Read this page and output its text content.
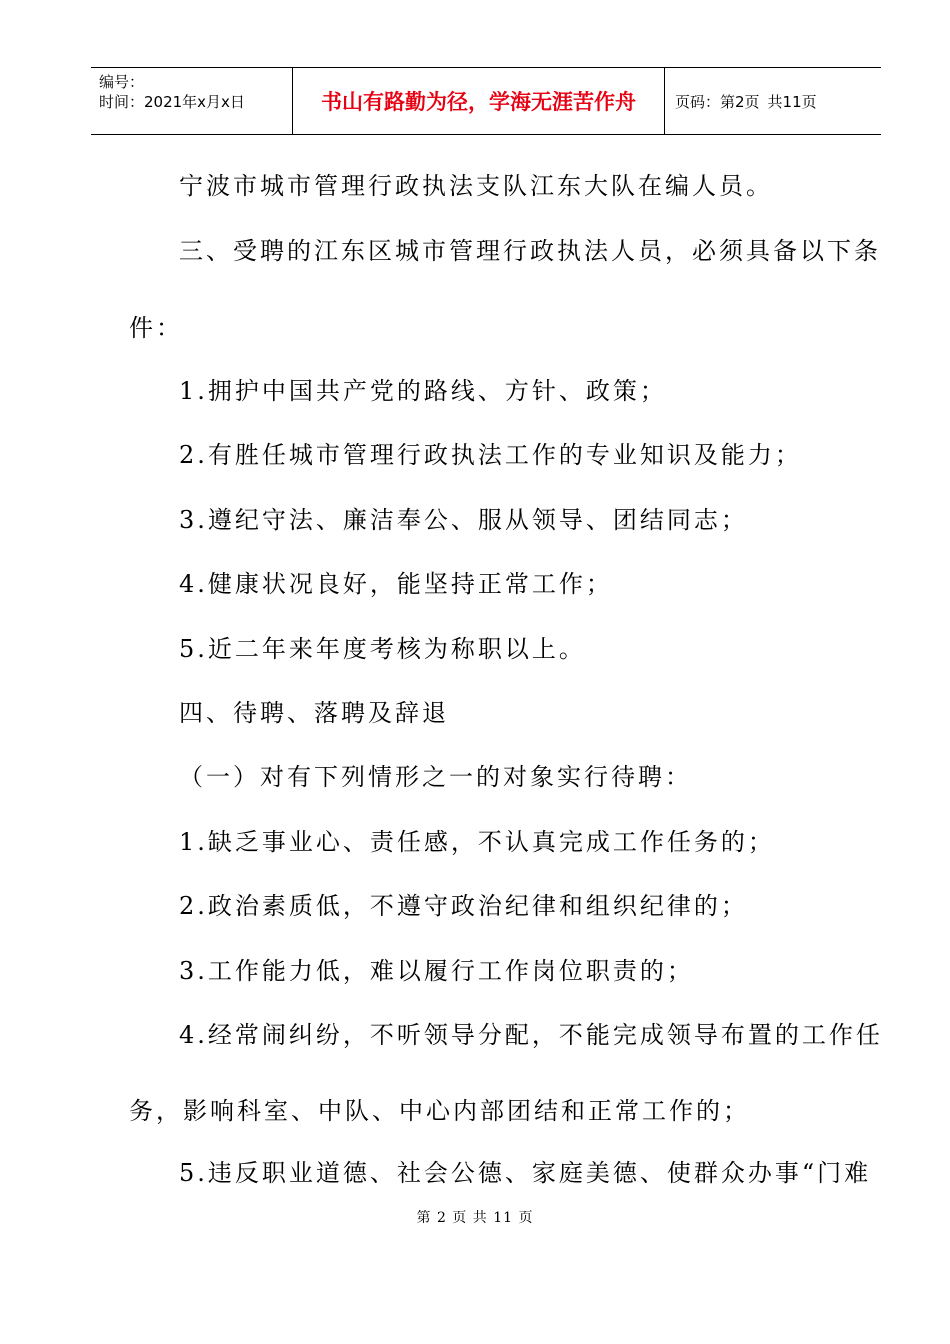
编号：
时间：2021年x月x日	书山有路勤为径，学海无涯苦作舟	页码：第2页 共11页
宁波市城市管理行政执法支队江东大队在编人员。
三、受聘的江东区城市管理行政执法人员，必须具备以下条
件：
1.拥护中国共产党的路线、方针、政策；
2.有胜任城市管理行政执法工作的专业知识及能力；
3.遵纪守法、廉洁奉公、服从领导、团结同志；
4.健康状况良好，能坚持正常工作；
5.近二年来年度考核为称职以上。
四、待聘、落聘及辞退
（一）对有下列情形之一的对象实行待聘：
1.缺乏事业心、责任感，不认真完成工作任务的；
2.政治素质低，不遵守政治纪律和组织纪律的；
3.工作能力低，难以履行工作岗位职责的；
4.经常闹纠纷，不听领导分配，不能完成领导布置的工作任
务，影响科室、中队、中心内部团结和正常工作的；
5.违反职业道德、社会公德、家庭美德、使群众办事“门难
第 2 页 共 11 页
